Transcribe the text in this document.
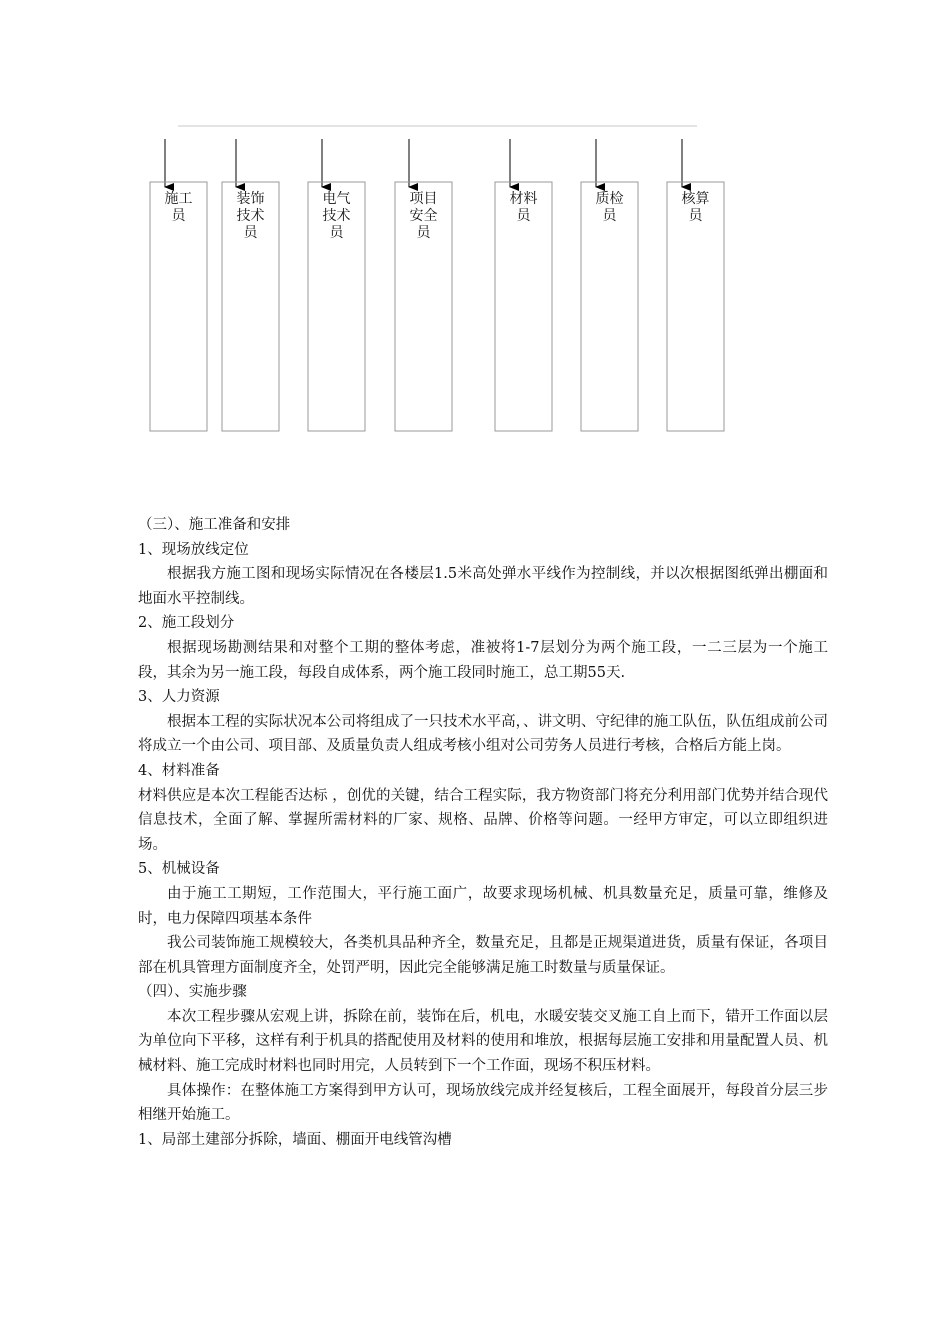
施工
员
装饰
技术
员
电气
技术
员
项目
安全
员
材料
员
质检
员
核算
员

（三）、施工准备和安排

1、现场放线定位

根据我方施工图和现场实际情况在各楼层1.5米高处弹水平线作为控制线，并以次根据图纸弹出棚面和地面水平控制线。

2、施工段划分

根据现场勘测结果和对整个工期的整体考虑，准被将1-7层划分为两个施工段，一二三层为一个施工段，其余为另一施工段，每段自成体系，两个施工段同时施工，总工期55天.

3、人力资源

根据本工程的实际状况本公司将组成了一只技术水平高，、讲文明、守纪律的施工队伍，队伍组成前公司将成立一个由公司、项目部、及质量负责人组成考核小组对公司劳务人员进行考核，合格后方能上岗。

4、材料准备

材料供应是本次工程能否达标 ，创优的关键，结合工程实际，我方物资部门将充分利用部门优势并结合现代信息技术，全面了解、掌握所需材料的厂家、规格、品牌、价格等问题。一经甲方审定，可以立即组织进场。

5、机械设备

由于施工工期短，工作范围大，平行施工面广，故要求现场机械、机具数量充足，质量可靠，维修及时，电力保障四项基本条件

我公司装饰施工规模较大，各类机具品种齐全，数量充足，且都是正规渠道进货，质量有保证，各项目部在机具管理方面制度齐全，处罚严明，因此完全能够满足施工时数量与质量保证。

（四）、实施步骤

本次工程步骤从宏观上讲，拆除在前，装饰在后，机电，水暖安装交叉施工自上而下，错开工作面以层为单位向下平移，这样有利于机具的搭配使用及材料的使用和堆放，根据每层施工安排和用量配置人员、机械材料、施工完成时材料也同时用完，人员转到下一个工作面，现场不积压材料。

具体操作：在整体施工方案得到甲方认可，现场放线完成并经复核后，工程全面展开，每段首分层三步相继开始施工。

1、局部土建部分拆除，墙面、棚面开电线管沟槽
